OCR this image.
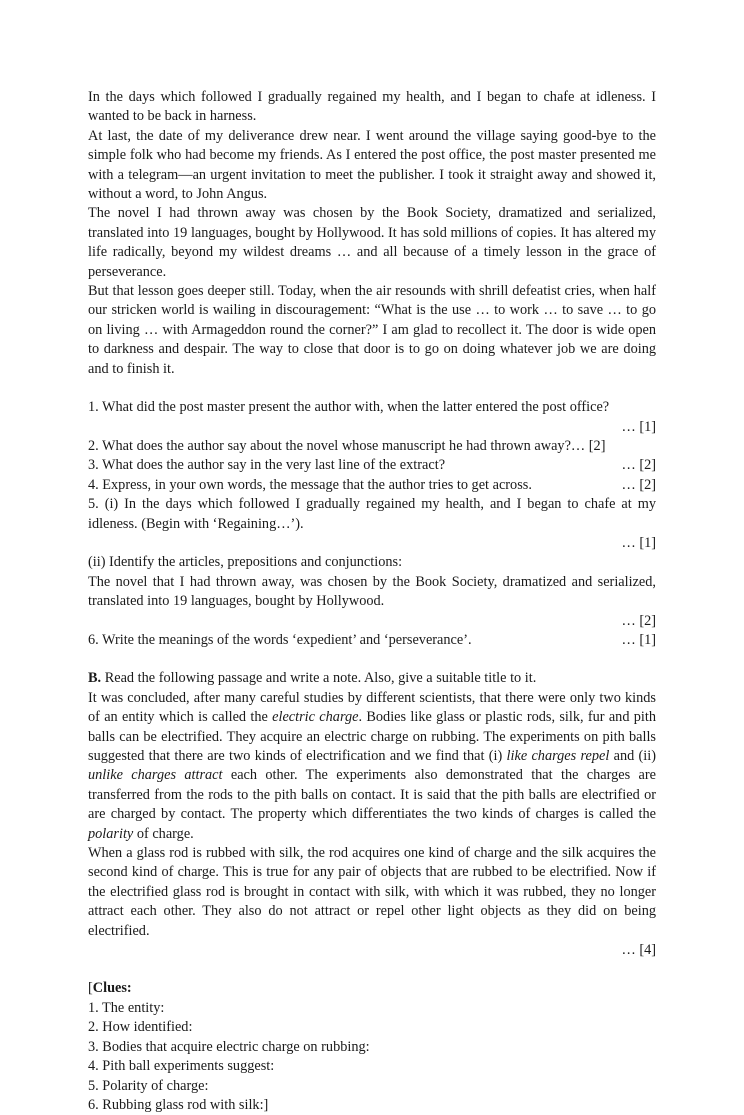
In the days which followed I gradually regained my health, and I began to chafe at idleness. I wanted to be back in harness.

At last, the date of my deliverance drew near. I went around the village saying good-bye to the simple folk who had become my friends. As I entered the post office, the post master presented me with a telegram—an urgent invitation to meet the publisher. I took it straight away and showed it, without a word, to John Angus.

The novel I had thrown away was chosen by the Book Society, dramatized and serialized, translated into 19 languages, bought by Hollywood. It has sold millions of copies. It has altered my life radically, beyond my wildest dreams … and all because of a timely lesson in the grace of perseverance.

But that lesson goes deeper still. Today, when the air resounds with shrill defeatist cries, when half our stricken world is wailing in discouragement: “What is the use … to work … to save … to go on living … with Armageddon round the corner?” I am glad to recollect it. The door is wide open to darkness and despair. The way to close that door is to go on doing whatever job we are doing and to finish it.

1. What did the post master present the author with, when the latter entered the post office?
… [1]
2. What does the author say about the novel whose manuscript he had thrown away?… [2]
… [2]
3. What does the author say in the very last line of the extract?
… [2]
4. Express, in your own words, the message that the author tries to get across.

5. (i) In the days which followed I gradually regained my health, and I began to chafe at my idleness. (Begin with ‘Regaining…’).

… [1]
(ii) Identify the articles, prepositions and conjunctions:

The novel that I had thrown away, was chosen by the Book Society, dramatized and serialized, translated into 19 languages, bought by Hollywood.

… [2]
… [1]
6. Write the meanings of the words ‘expedient’ and ‘perseverance’.
B. Read the following passage and write a note. Also, give a suitable title to it.

It was concluded, after many careful studies by different scientists, that there were only two kinds of an entity which is called the electric charge. Bodies like glass or plastic rods, silk, fur and pith balls can be electrified. They acquire an electric charge on rubbing. The experiments on pith balls suggested that there are two kinds of electrification and we find that (i) like charges repel and (ii) unlike charges attract each other. The experiments also demonstrated that the charges are transferred from the rods to the pith balls on contact. It is said that the pith balls are electrified or are charged by contact. The property which differentiates the two kinds of charges is called the polarity of charge.

When a glass rod is rubbed with silk, the rod acquires one kind of charge and the silk acquires the second kind of charge. This is true for any pair of objects that are rubbed to be electrified. Now if the electrified glass rod is brought in contact with silk, with which it was rubbed, they no longer attract each other. They also do not attract or repel other light objects as they did on being electrified.

… [4]
[Clues:
1. The entity:
2. How identified:
3. Bodies that acquire electric charge on rubbing:
4. Pith ball experiments suggest:
5. Polarity of charge:
6. Rubbing glass rod with silk:]
